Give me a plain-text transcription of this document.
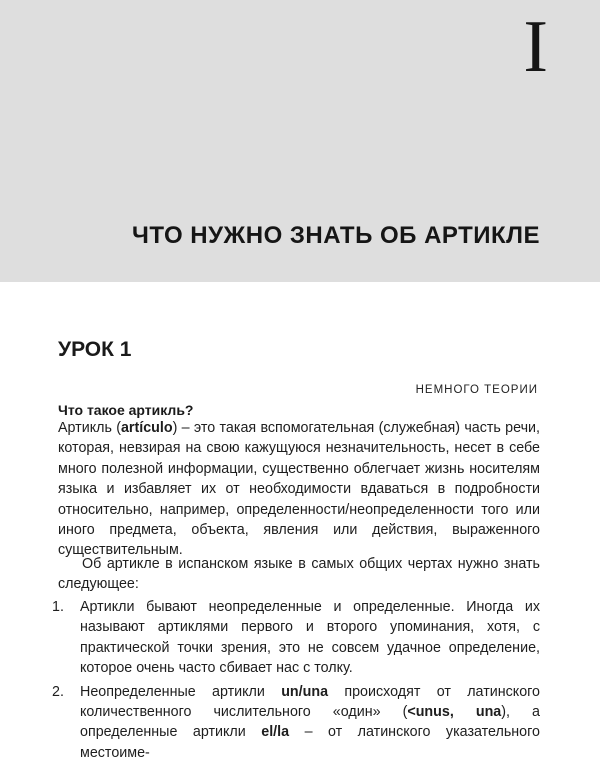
I
ЧТО НУЖНО ЗНАТЬ ОБ АРТИКЛЕ
УРОК 1
НЕМНОГО ТЕОРИИ
Что такое артикль?

Артикль (artículo) – это такая вспомогательная (служебная) часть речи, которая, невзирая на свою кажущуюся незначительность, несет в себе много полезной информации, существенно облегчает жизнь носителям языка и избавляет их от необходимости вдаваться в подробности относительно, например, определенности/неопределенности того или иного предмета, объекта, явления или действия, выраженного существительным.

Об артикле в испанском языке в самых общих чертах нужно знать следующее:

1.	Артикли бывают неопределенные и определенные. Иногда их называют артиклями первого и второго упоминания, хотя, с практической точки зрения, это не совсем удачное определение, которое очень часто сбивает нас с толку.
2.	Неопределенные артикли un/una происходят от латинского количественного числительного «один» (<unus, una), а определенные артикли el/la – от латинского указательного местоиме-
